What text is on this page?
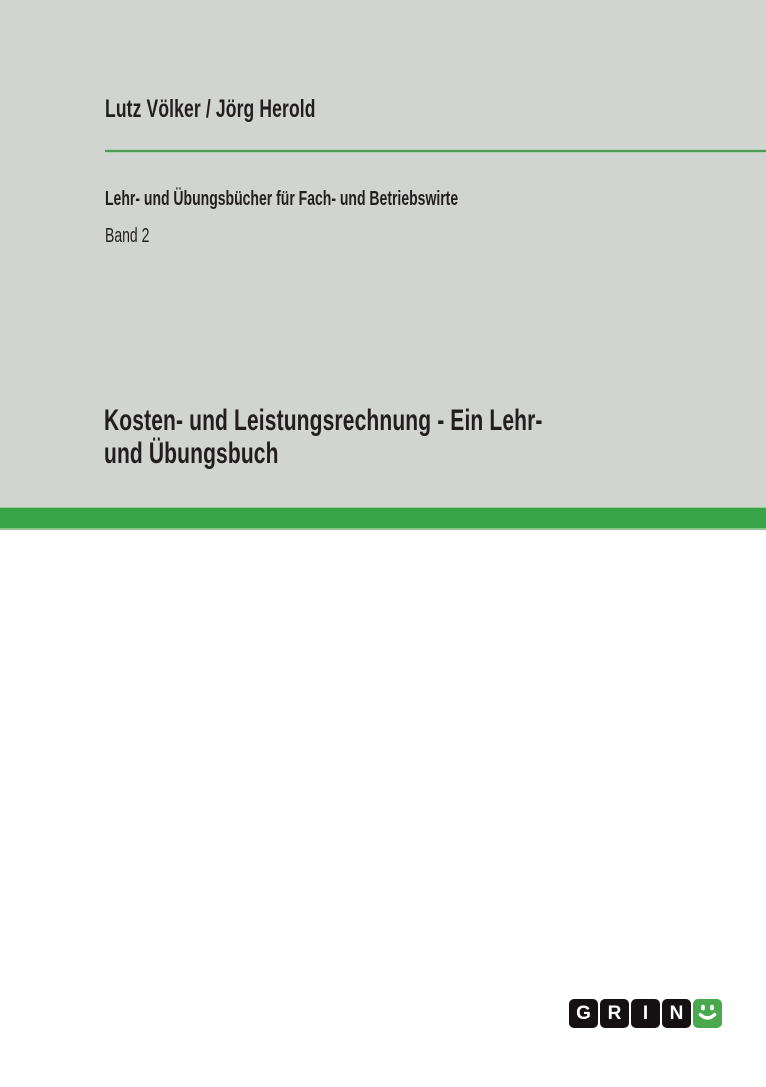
Lutz Völker / Jörg Herold
Lehr- und Übungsbücher für Fach- und Betriebswirte
Band 2
Kosten- und Leistungsrechnung - Ein Lehr-
und Übungsbuch
G R	I	N
